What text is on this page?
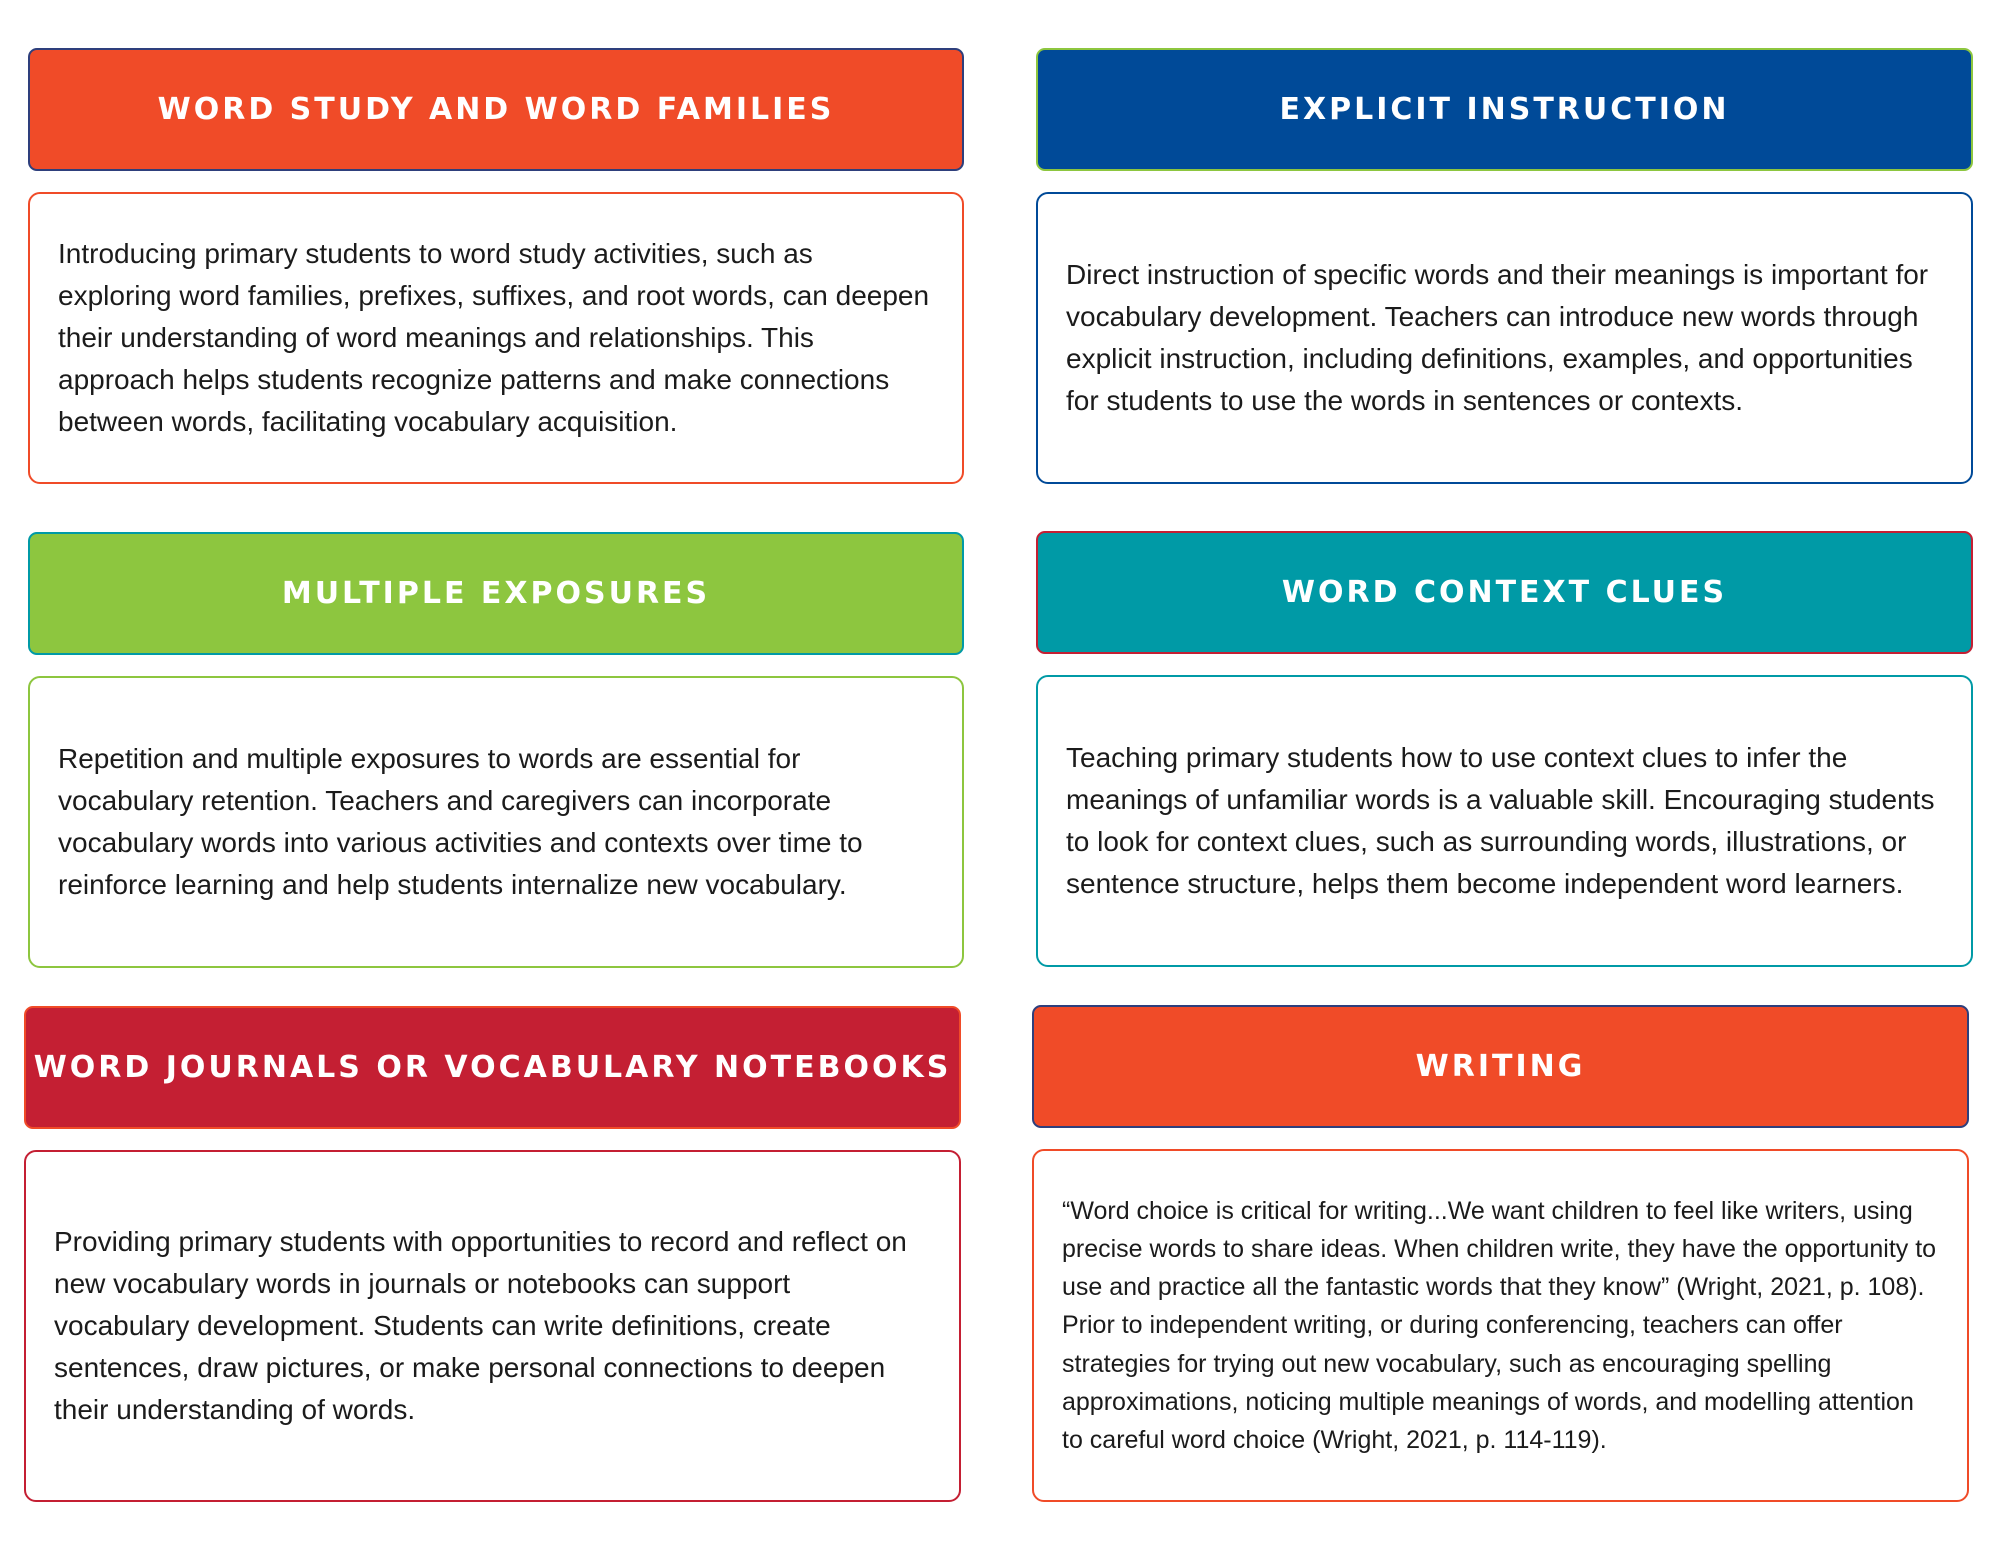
WORD STUDY AND WORD FAMILIES

Introducing primary students to word study activities, such as exploring word families, prefixes, suffixes, and root words, can deepen their understanding of word meanings and relationships. This approach helps students recognize patterns and make connections between words, facilitating vocabulary acquisition.

EXPLICIT INSTRUCTION

Direct instruction of specific words and their meanings is important for vocabulary development. Teachers can introduce new words through explicit instruction, including definitions, examples, and opportunities for students to use the words in sentences or contexts.

MULTIPLE EXPOSURES

Repetition and multiple exposures to words are essential for vocabulary retention. Teachers and caregivers can incorporate vocabulary words into various activities and contexts over time to reinforce learning and help students internalize new vocabulary.

WORD CONTEXT CLUES

Teaching primary students how to use context clues to infer the meanings of unfamiliar words is a valuable skill. Encouraging students to look for context clues, such as surrounding words, illustrations, or sentence structure, helps them become independent word learners.

WORD JOURNALS OR VOCABULARY NOTEBOOKS

Providing primary students with opportunities to record and reflect on new vocabulary words in journals or notebooks can support vocabulary development. Students can write definitions, create sentences, draw pictures, or make personal connections to deepen their understanding of words.

WRITING

“Word choice is critical for writing...We want children to feel like writers, using precise words to share ideas. When children write, they have the opportunity to use and practice all the fantastic words that they know” (Wright, 2021, p. 108). Prior to independent writing, or during conferencing, teachers can offer strategies for trying out new vocabulary, such as encouraging spelling approximations, noticing multiple meanings of words, and modelling attention to careful word choice (Wright, 2021, p. 114-119).
